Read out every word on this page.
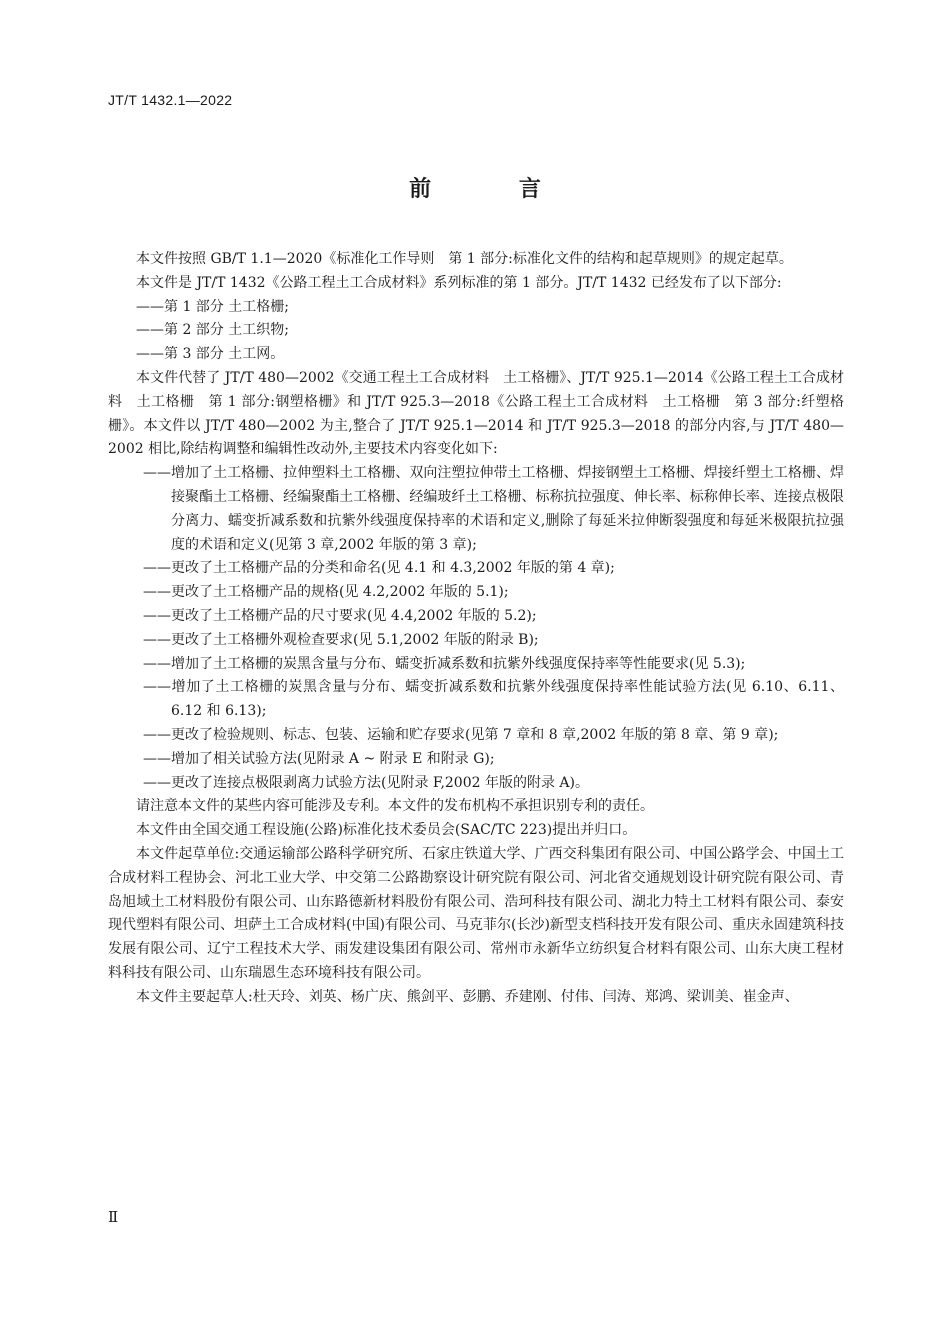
JT/T 1432.1—2022
前 言

本文件按照 GB/T 1.1—2020《标准化工作导则　第 1 部分:标准化文件的结构和起草规则》的规定起草。

本文件是 JT/T 1432《公路工程土工合成材料》系列标准的第 1 部分。JT/T 1432 已经发布了以下部分:

——第 1 部分 土工格栅;

——第 2 部分 土工织物;

——第 3 部分 土工网。

本文件代替了 JT/T 480—2002《交通工程土工合成材料　土工格栅》、JT/T 925.1—2014《公路工程土工合成材料　土工格栅　第 1 部分:钢塑格栅》和 JT/T 925.3—2018《公路工程土工合成材料　土工格栅　第 3 部分:纤塑格栅》。本文件以 JT/T 480—2002 为主,整合了 JT/T 925.1—2014 和 JT/T 925.3—2018 的部分内容,与 JT/T 480—2002 相比,除结构调整和编辑性改动外,主要技术内容变化如下:

——增加了土工格栅、拉伸塑料土工格栅、双向注塑拉伸带土工格栅、焊接钢塑土工格栅、焊接纤塑土工格栅、焊接聚酯土工格栅、经编聚酯土工格栅、经编玻纤土工格栅、标称抗拉强度、伸长率、标称伸长率、连接点极限分离力、蠕变折减系数和抗紫外线强度保持率的术语和定义,删除了每延米拉伸断裂强度和每延米极限抗拉强度的术语和定义(见第 3 章,2002 年版的第 3 章);

——更改了土工格栅产品的分类和命名(见 4.1 和 4.3,2002 年版的第 4 章);

——更改了土工格栅产品的规格(见 4.2,2002 年版的 5.1);

——更改了土工格栅产品的尺寸要求(见 4.4,2002 年版的 5.2);

——更改了土工格栅外观检查要求(见 5.1,2002 年版的附录 B);

——增加了土工格栅的炭黑含量与分布、蠕变折减系数和抗紫外线强度保持率等性能要求(见 5.3);

——增加了土工格栅的炭黑含量与分布、蠕变折减系数和抗紫外线强度保持率性能试验方法(见 6.10、6.11、6.12 和 6.13);

——更改了检验规则、标志、包装、运输和贮存要求(见第 7 章和 8 章,2002 年版的第 8 章、第 9 章);

——增加了相关试验方法(见附录 A ~ 附录 E 和附录 G);

——更改了连接点极限剥离力试验方法(见附录 F,2002 年版的附录 A)。

请注意本文件的某些内容可能涉及专利。本文件的发布机构不承担识别专利的责任。

本文件由全国交通工程设施(公路)标准化技术委员会(SAC/TC 223)提出并归口。

本文件起草单位:交通运输部公路科学研究所、石家庄铁道大学、广西交科集团有限公司、中国公路学会、中国土工合成材料工程协会、河北工业大学、中交第二公路勘察设计研究院有限公司、河北省交通规划设计研究院有限公司、青岛旭域土工材料股份有限公司、山东路德新材料股份有限公司、浩珂科技有限公司、湖北力特土工材料有限公司、泰安现代塑料有限公司、坦萨土工合成材料(中国)有限公司、马克菲尔(长沙)新型支档科技开发有限公司、重庆永固建筑科技发展有限公司、辽宁工程技术大学、雨发建设集团有限公司、常州市永新华立纺织复合材料有限公司、山东大庚工程材料科技有限公司、山东瑞恩生态环境科技有限公司。

本文件主要起草人:杜天玲、刘英、杨广庆、熊剑平、彭鹏、乔建刚、付伟、闫涛、郑鸿、梁训美、崔金声、

Ⅱ
